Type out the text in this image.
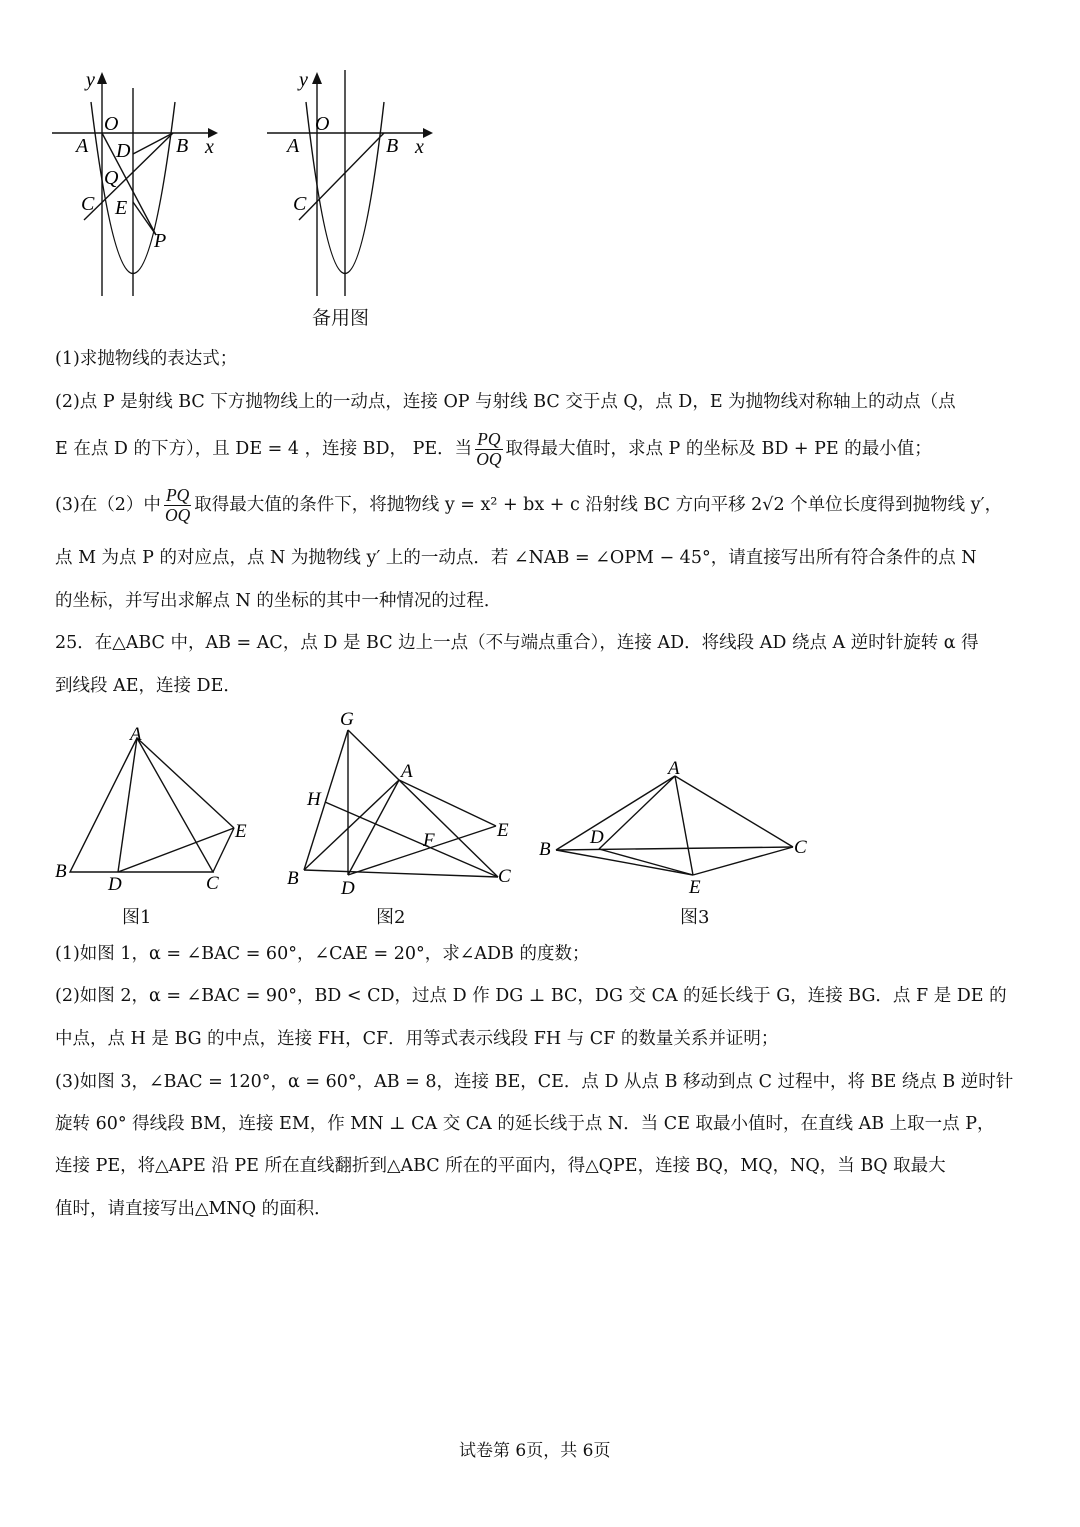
y
x
O
A	B
D
Q
C E
P
y
x
O
A	B
C
备用图
(1)求抛物线的表达式；
(2)点 P 是射线 BC 下方抛物线上的一动点，连接 OP 与射线 BC 交于点 Q，点 D，E 为抛物线对称轴上的动点（点
E 在点 D 的下方），且 DE = 4 ，连接 BD， PE．当 $\frac{PQ}{OQ}$ 取得最大值时，求点 P 的坐标及 BD + PE 的最小值；
(3)在（2）中 $\frac{PQ}{OQ}$ 取得最大值的条件下，将抛物线 y = x² + bx + c 沿射线 BC 方向平移 2√2 个单位长度得到抛物线 y′，
点 M 为点 P 的对应点，点 N 为抛物线 y′ 上的一动点．若 ∠NAB = ∠OPM − 45°，请直接写出所有符合条件的点 N
的坐标，并写出求解点 N 的坐标的其中一种情况的过程．
25．在△ABC 中，AB = AC，点 D 是 BC 边上一点（不与端点重合），连接 AD．将线段 AD 绕点 A 逆时针旋转 α 得
到线段 AE，连接 DE．
A
B
D	C
E
图1
G
A
H
F	E
B D
C
图2
A
B
D	C
E
图3
(1)如图 1，α = ∠BAC = 60°，∠CAE = 20°，求∠ADB 的度数；
(2)如图 2，α = ∠BAC = 90°，BD < CD，过点 D 作 DG ⊥ BC，DG 交 CA 的延长线于 G，连接 BG．点 F 是 DE 的
中点，点 H 是 BG 的中点，连接 FH，CF．用等式表示线段 FH 与 CF 的数量关系并证明；
(3)如图 3，∠BAC = 120°，α = 60°，AB = 8，连接 BE，CE．点 D 从点 B 移动到点 C 过程中，将 BE 绕点 B 逆时针
旋转 60° 得线段 BM，连接 EM，作 MN ⊥ CA 交 CA 的延长线于点 N．当 CE 取最小值时，在直线 AB 上取一点 P，
连接 PE，将△APE 沿 PE 所在直线翻折到△ABC 所在的平面内，得△QPE，连接 BQ，MQ，NQ，当 BQ 取最大
值时，请直接写出△MNQ 的面积．
试卷第 6页，共 6页
